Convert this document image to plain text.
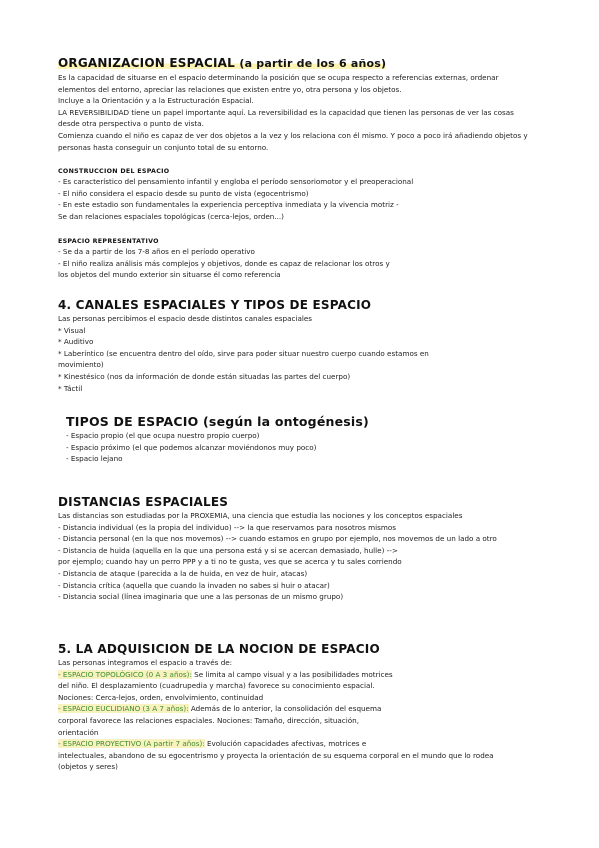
ORGANIZACION ESPACIAL (a partir de los 6 años)
Es la capacidad de situarse en el espacio determinando la posición que se ocupa respecto a referencias externas, ordenar
elementos del entorno, apreciar las relaciones que existen entre yo, otra persona y los objetos.
Incluye a la Orientación y a la Estructuración Espacial.
LA REVERSIBILIDAD tiene un papel importante aquí. La reversibilidad es la capacidad que tienen las personas de ver las cosas
desde otra perspectiva o punto de vista.
Comienza cuando el niño es capaz de ver dos objetos a la vez y los relaciona con él mismo. Y poco a poco irá añadiendo objetos y
personas hasta conseguir un conjunto total de su entorno.
CONSTRUCCION DEL ESPACIO
- Es característico del pensamiento infantil y engloba el período sensoriomotor y el preoperacional
- El niño considera el espacio desde su punto de vista (egocentrismo)
- En este estadio son fundamentales la experiencia perceptiva inmediata y la vivencia motriz -
Se dan relaciones espaciales topológicas (cerca-lejos, orden...)
ESPACIO REPRESENTATIVO
- Se da a partir de los 7-8 años en el período operativo
- El niño realiza análisis más complejos y objetivos, donde es capaz de relacionar los otros y
los objetos del mundo exterior sin situarse él como referencia
4. CANALES ESPACIALES Y TIPOS DE ESPACIO
Las personas percibimos el espacio desde distintos canales espaciales
* Visual
* Auditivo
* Laberíntico (se encuentra dentro del oído, sirve para poder situar nuestro cuerpo cuando estamos en
movimiento)
* Kinestésico (nos da información de donde están situadas las partes del cuerpo)
* Táctil
TIPOS DE ESPACIO (según la ontogénesis)
- Espacio propio (el que ocupa nuestro propio cuerpo)
- Espacio próximo (el que podemos alcanzar moviéndonos muy poco)
- Espacio lejano
DISTANCIAS ESPACIALES
Las distancias son estudiadas por la PROXEMIA, una ciencia que estudia las nociones y los conceptos espaciales
- Distancia individual (es la propia del individuo) --> la que reservamos para nosotros mismos
- Distancia personal (en la que nos movemos) --> cuando estamos en grupo por ejemplo, nos movemos de un lado a otro
- Distancia de huida (aquella en la que una persona está y si se acercan demasiado, hulle) -->
por ejemplo; cuando hay un perro PPP y a ti no te gusta, ves que se acerca y tu sales corriendo
- Distancia de ataque (parecida a la de huida, en vez de huir, atacas)
- Distancia crítica (aquella que cuando la invaden no sabes si huir o atacar)
- Distancia social (línea imaginaria que une a las personas de un mismo grupo)
5. LA ADQUISICION DE LA NOCION DE ESPACIO
Las personas integramos el espacio a través de:
- ESPACIO TOPOLÓGICO (0 A 3 años): Se limita al campo visual y a las posibilidades motrices
del niño. El desplazamiento (cuadrupedia y marcha) favorece su conocimiento espacial.
Nociones: Cerca-lejos, orden, envolvimiento, continuidad
- ESPACIO EUCLIDIANO (3 A 7 años): Además de lo anterior, la consolidación del esquema
corporal favorece las relaciones espaciales. Nociones: Tamaño, dirección, situación,
orientación
- ESPACIO PROYECTIVO (A partir 7 años): Evolución capacidades afectivas, motrices e
intelectuales, abandono de su egocentrismo y proyecta la orientación de su esquema corporal en el mundo que lo rodea
(objetos y seres)
